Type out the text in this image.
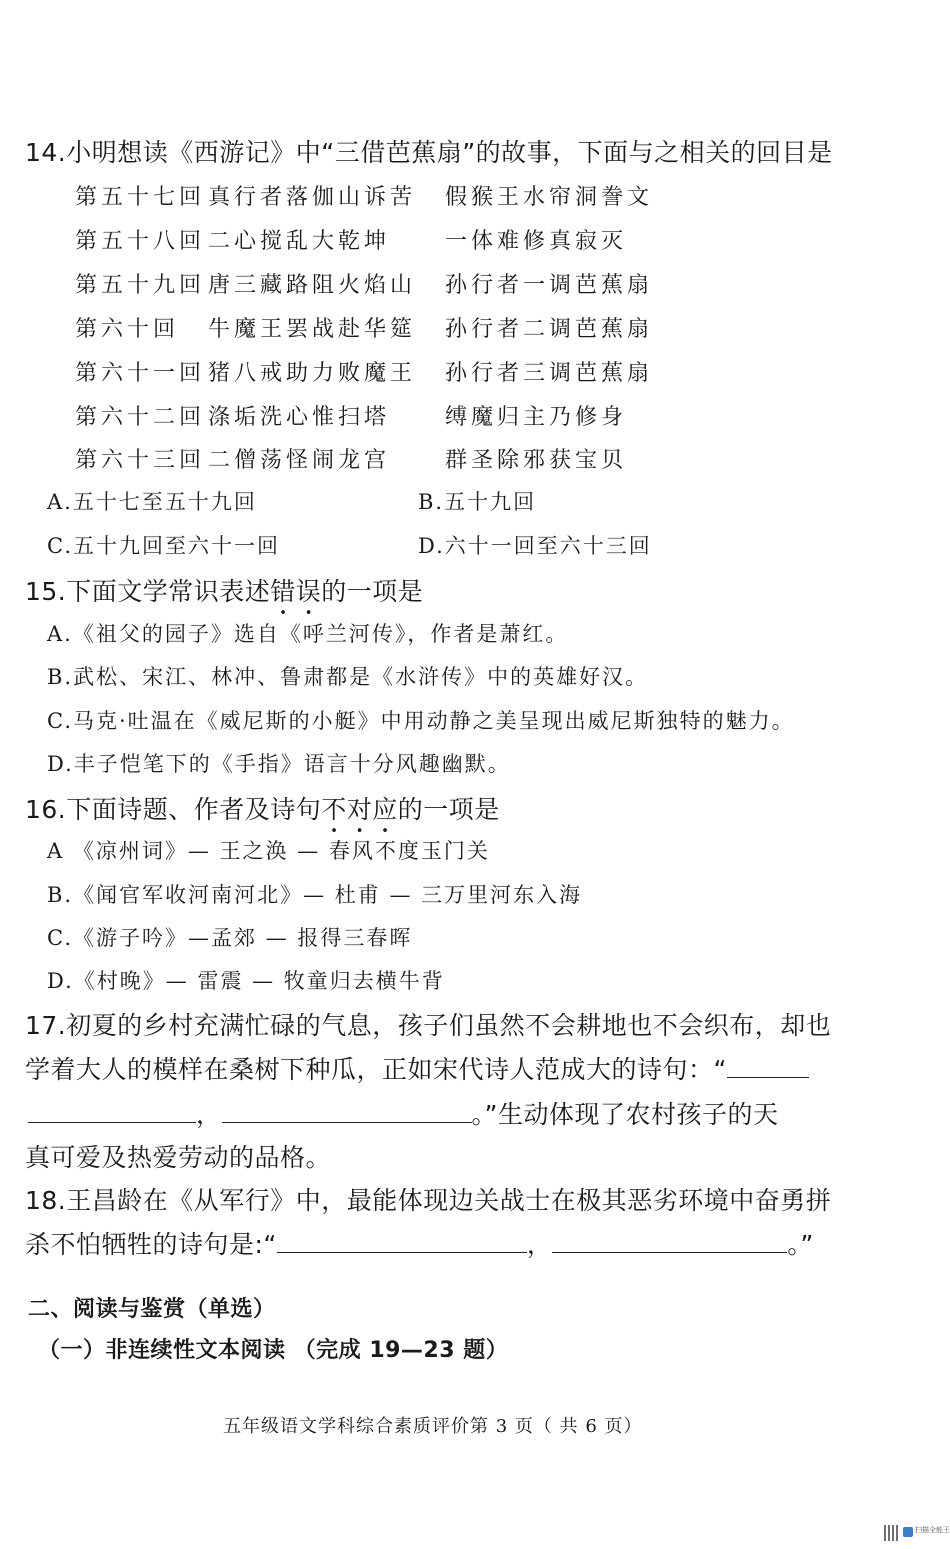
14.小明想读《西游记》中“三借芭蕉扇”的故事，下面与之相关的回目是
第五十七回 真行者落伽山诉苦 假猴王水帘洞誊文
第五十八回 二心搅乱大乾坤 一体难修真寂灭
第五十九回 唐三藏路阻火焰山 孙行者一调芭蕉扇
第六十回 牛魔王罢战赴华筵 孙行者二调芭蕉扇
第六十一回 猪八戒助力败魔王 孙行者三调芭蕉扇
第六十二回 涤垢洗心惟扫塔 缚魔归主乃修身
第六十三回 二僧荡怪闹龙宫 群圣除邪获宝贝
A.五十七至五十九回	B.五十九回
C.五十九回至六十一回	D.六十一回至六十三回
15.下面文学常识表述错误的一项是
A.《祖父的园子》选自《呼兰河传》，作者是萧红。
B.武松、宋江、林冲、鲁肃都是《水浒传》中的英雄好汉。
C.马克·吐温在《威尼斯的小艇》中用动静之美呈现出威尼斯独特的魅力。
D.丰子恺笔下的《手指》语言十分风趣幽默。
16.下面诗题、作者及诗句不对应的一项是
A 《凉州词》— 王之涣 — 春风不度玉门关
B.《闻官军收河南河北》— 杜甫 — 三万里河东入海
C.《游子吟》—孟郊 — 报得三春晖
D.《村晚》— 雷震 — 牧童归去横牛背
17.初夏的乡村充满忙碌的气息，孩子们虽然不会耕地也不会织布，却也
学着大人的模样在桑树下种瓜，正如宋代诗人范成大的诗句：“
，	。”生动体现了农村孩子的天
真可爱及热爱劳动的品格。
18.王昌龄在《从军行》中，最能体现边关战士在极其恶劣环境中奋勇拼
杀不怕牺牲的诗句是:“	，	。”
二、阅读与鉴赏（单选）
（一）非连续性文本阅读 （完成 19—23 题）
五年级语文学科综合素质评价第 3 页（ 共 6 页）
扫描全能王
